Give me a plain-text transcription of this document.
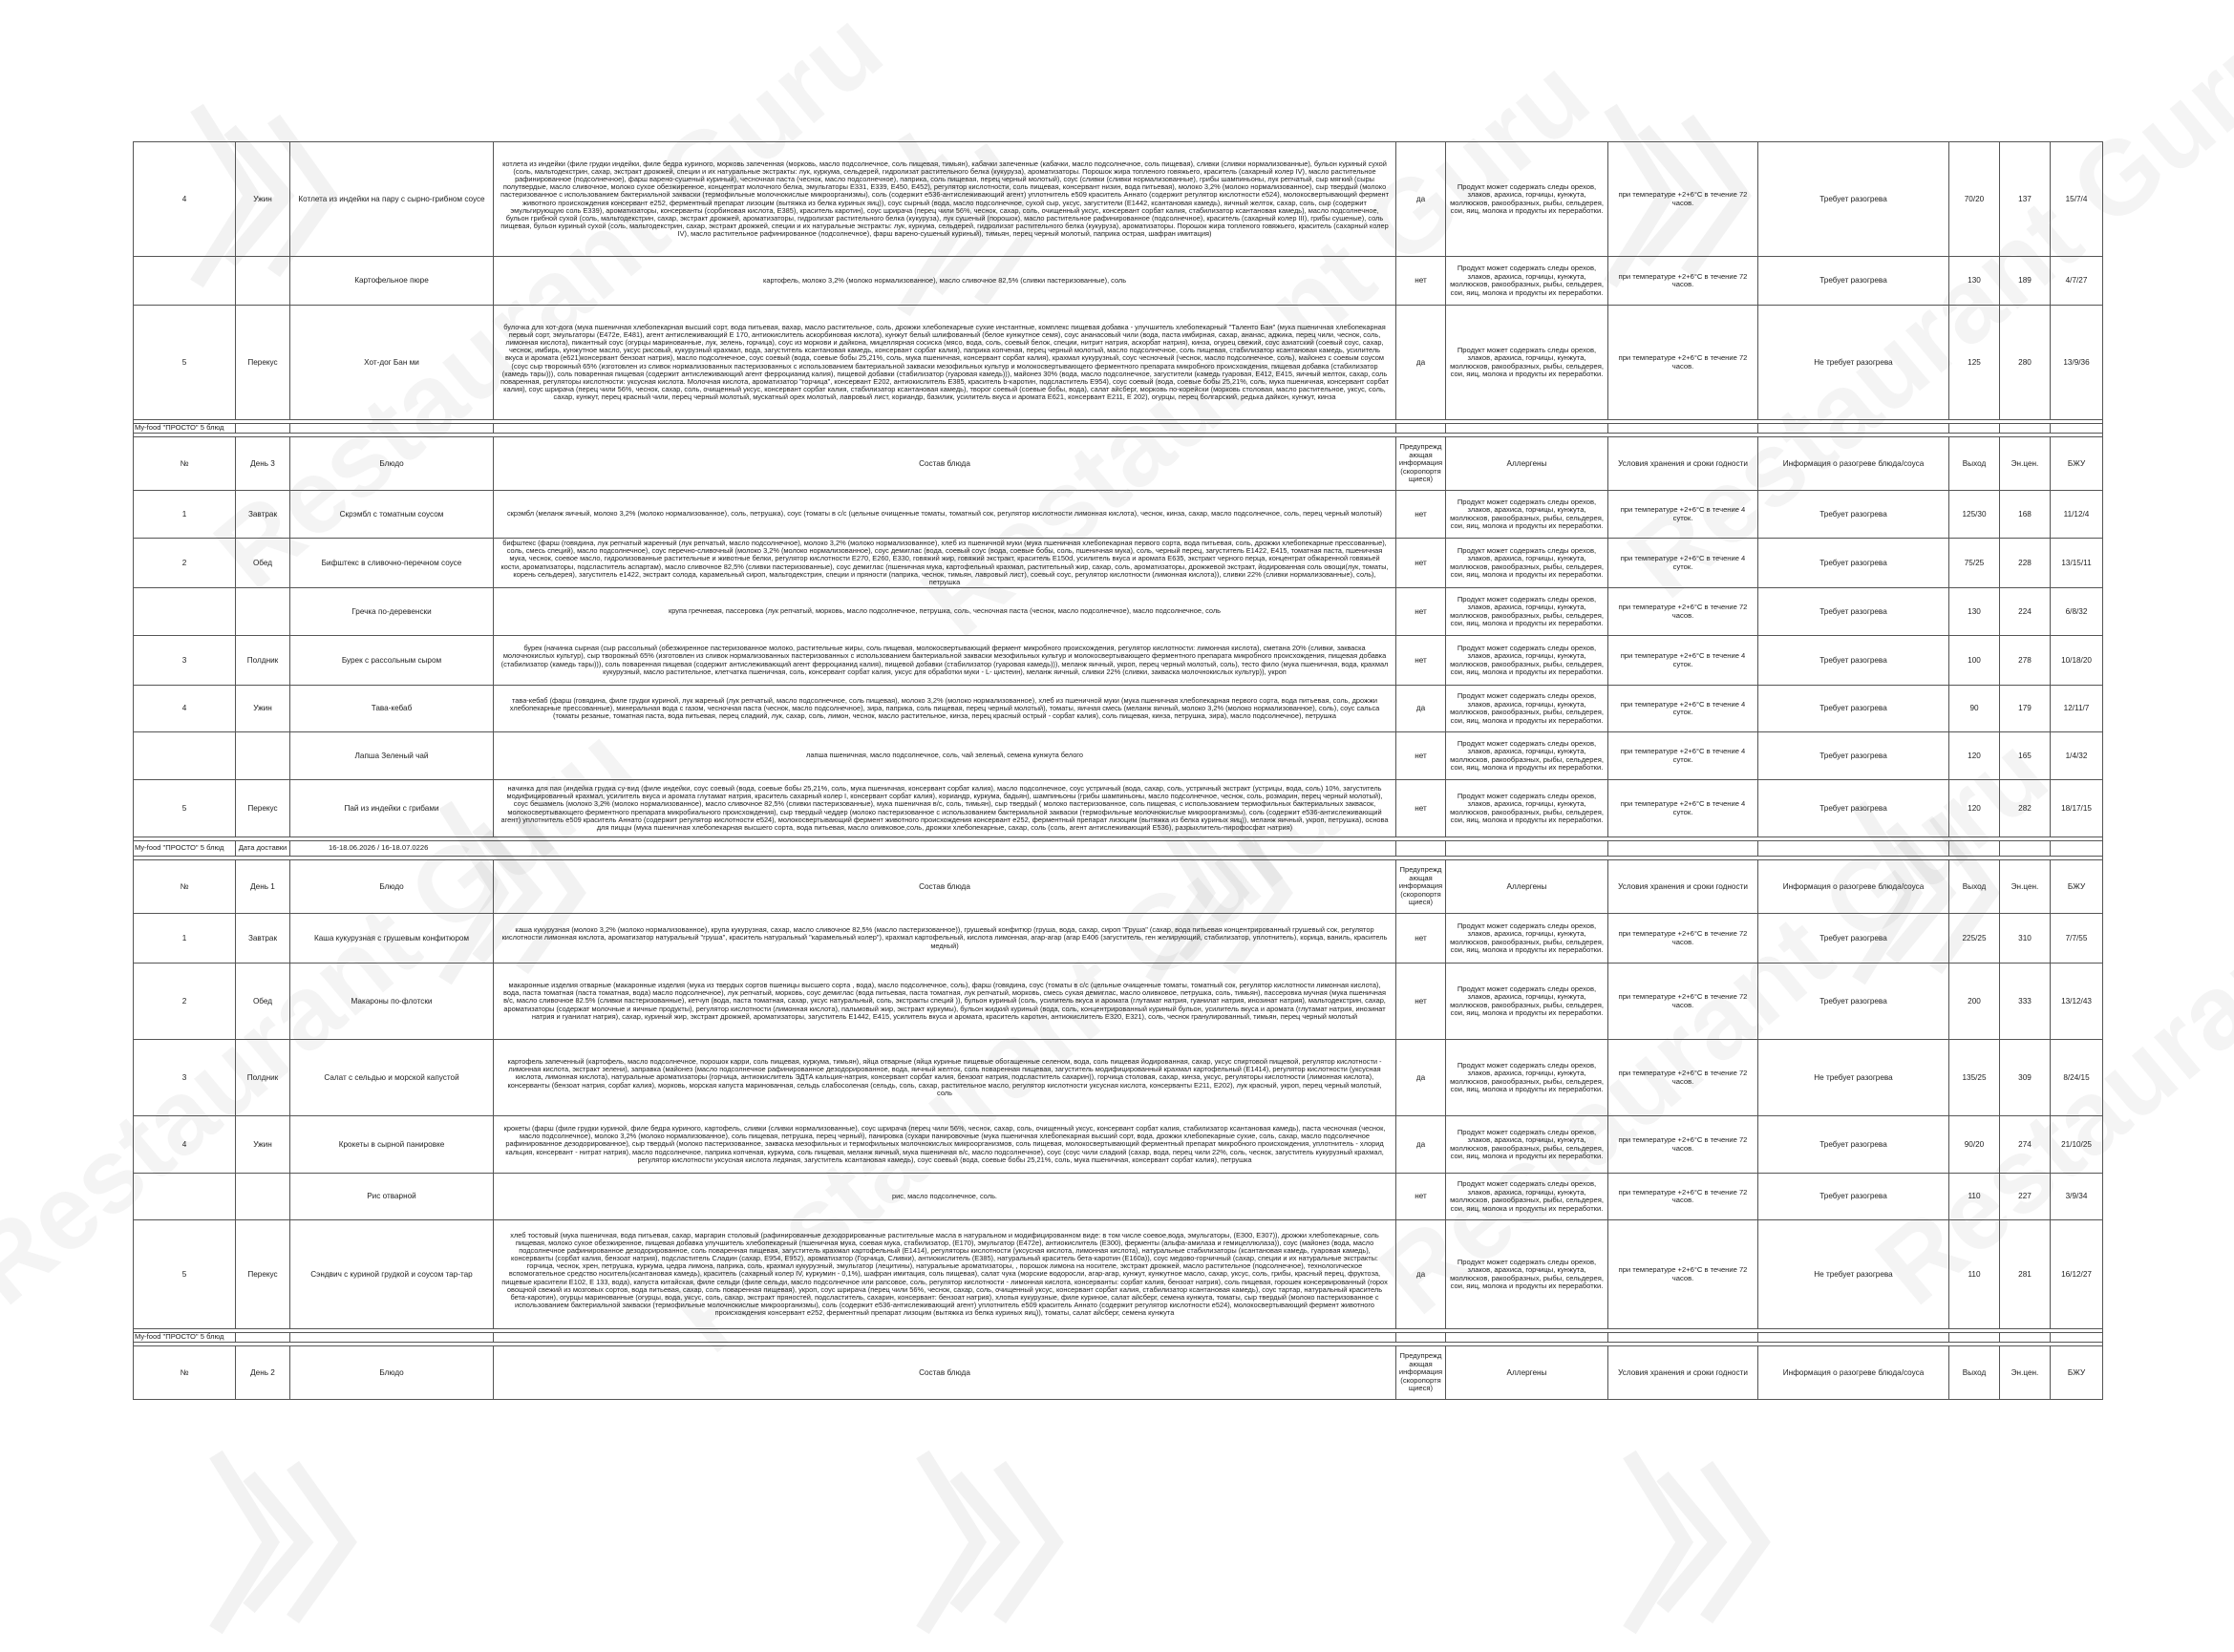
4	Ужин	Котлета из индейки на пару с сырно-грибном соусе	котлета из индейки (филе грудки индейки, филе бедра куриного, морковь запеченная (морковь, масло подсолнечное, соль пищевая, тимьян), кабачки запеченные (кабачки, масло подсолнечное, соль пищевая), сливки (сливки нормализованные), бульон куриный сухой (соль, мальтодекстрин, сахар, экстракт дрожжей, специи и их натуральные экстракты: лук, куркума, сельдерей, гидролизат растительного белка (кукуруза), ароматизаторы. Порошок жира топленого говяжьего, краситель (сахарный колер IV), масло растительное рафинированное (подсолнечное), фарш варено-сушеный куриный), чесночная паста (чеснок, масло подсолнечное), паприка, соль пищевая, перец черный молотый), соус (сливки (сливки нормализованные), грибы шампиньоны, лук репчатый, сыр мягкий (сыры полутвердые, масло сливочное, молоко сухое обезжиренное, концентрат молочного белка, эмульгаторы Е331, Е339, Е450, Е452), регулятор кислотности, соль пищевая, консервант низин, вода питьевая), молоко 3,2% (молоко нормализованное), сыр твердый (молоко пастеризованное с использованием бактериальной закваски (термофильные молочнокислые микроорганизмы), соль (содержит е536-антислеживающий агент) уплотнитель е509 краситель Аннато (содержит регулятор кислотности е524), молокосвертывающий фермент животного происхождения консервант е252, ферментный препарат лизоцим (вытяжка из белка куриных яиц)), соус сырный (вода, масло подсолнечное, сухой сыр, уксус, загустители (Е1442, ксантановая камедь), яичный желток, сахар, соль, сыр (содержит эмульгирующую соль Е339), ароматизаторы, консерванты (сорбиновая кислота, Е385), краситель каротин), соус шрирача (перец чили 56%, чеснок, сахар, соль, очищенный уксус, консервант сорбат калия, стабилизатор ксантановая камедь), масло подсолнечное, бульон грибной сухой (соль, мальтодекстрин, сахар, экстракт дрожжей, ароматизаторы, гидролизат растительного белка (кукуруза), лук сушеный (порошок), масло растительное рафинированное (подсолнечное), краситель (сахарный колер III), грибы сушеные), соль пищевая, бульон куриный сухой (соль, мальтодекстрин, сахар, экстракт дрожжей, специи и их натуральные экстракты: лук, куркума, сельдерей, гидролизат растительного белка (кукуруза), ароматизаторы. Порошок жира топленого говяжьего, краситель (сахарный колер IV), масло растительное рафинированное (подсолнечное), фарш варено-сушеный куриный), тимьян, перец черный молотый, паприка острая, шафран имитация)	да	Продукт может содержать следы орехов, злаков, арахиса, горчицы, кунжута, моллюсков, ракообразных, рыбы, сельдерея, сои, яиц, молока и продукты их переработки.	при температуре +2+6°С в течение 72 часов.	Требует разогрева	70/20	137	15/7/4
		Картофельное пюре	картофель, молоко 3,2% (молоко нормализованное), масло сливочное 82,5% (сливки пастеризованные), соль	нет	Продукт может содержать следы орехов, злаков, арахиса, горчицы, кунжута, моллюсков, ракообразных, рыбы, сельдерея, сои, яиц, молока и продукты их переработки.	при температуре +2+6°С в течение 72 часов.	Требует разогрева	130	189	4/7/27
5	Перекус	Хот-дог Бан ми	булочка для хот-дога (мука пшеничная хлебопекарная высший сорт, вода питьевая, вахар, масло растительное, соль, дрожжи хлебопекарные сухие инстантные, комплекс пищевая добавка - улучшитель хлебопекарный "Таленто Бан" (мука пшеничная хлебопекарная первый сорт, эмульгаторы (Е472е, Е481), агент антислеживающий Е 170, антиокислитель аскорбиновая кислота), кунжут белый шлифованный (белое кунжутное семя), соус ананасовый чили (вода, паста имбирная, сахар, ананас, аджика, перец чили, чеснок, соль, лимонная кислота), пикантный соус (огурцы маринованные, лук, зелень, горчица), соус из моркови и дайкона, мицеллярная сосиска (мясо, вода, соль, соевый белок, специи, нитрит натрия, аскорбат натрия), кинза, огурец свежий, соус азиатский (соевый соус, сахар, чеснок, имбирь, кунжутное масло, уксус рисовый, кукурузный крахмал, вода, загуститель ксантановая камедь, консервант сорбат калия), паприка копченая, перец черный молотый, масло подсолнечное, соль пищевая, стабилизатор ксантановая камедь, усилитель вкуса и аромата (е621)консервант бензоат натрия), масло подсолнечное, соус соевый (вода, соевые бобы 25,21%, соль, мука пшеничная, консервант сорбат калия), крахмал кукурузный, соус чесночный (чеснок, масло подсолнечное, соль), майонез с соевым соусом (соус сыр творожный 65% (изготовлен из сливок нормализованных пастеризованных с использованием бактериальной закваски мезофильных культур и молокосвертывающего ферментного препарата микробного происхождения, пищевая добавка (стабилизатор (камедь тары))), соль поваренная пищевая (содержит антислеживающий агент ферроцианид калия), пищевой добавки (стабилизатор (гуаровая камедь))), майонез 30% (вода, масло подсолнечное, загустители (камедь гуаровая, Е412, Е415, яичный желток, сахар, соль поваренная, регуляторы кислотности: уксусная кислота. Молочная кислота, ароматизатор "горчица", консервант Е202, антиокислитель Е385, краситель b-каротин, подсластитель Е954), соус соевый (вода, соевые бобы 25,21%, соль, мука пшеничная, консервант сорбат калия), соус шрирача (перец чили 56%, чеснок, сахар, соль, очищенный уксус, консервант сорбат калия, стабилизатор ксантановая камедь), творог соевый (соевые бобы, вода), салат айсберг, морковь по-корейски (морковь столовая, масло растительное, уксус, соль, сахар, кунжут, перец красный чили, перец черный молотый, мускатный орех молотый, лавровый лист, кориандр, базилик, усилитель вкуса и аромата Е621, консервант Е211, Е 202), огурцы, перец болгарский, редька дайкон, кунжут, кинза	да	Продукт может содержать следы орехов, злаков, арахиса, горчицы, кунжута, моллюсков, ракообразных, рыбы, сельдерея, сои, яиц, молока и продукты их переработки.	при температуре +2+6°С в течение 72 часов.	Не требует разогрева	125	280	13/9/36

My-food "ПРОСТО" 5 блюд										

№	День 3	Блюдо	Состав блюда	Предупреждающая информация (скоропортящиеся)	Аллергены	Условия хранения и сроки годности	Информация о разогреве блюда/соуса	Выход	Эн.цен.	БЖУ
1	Завтрак	Скрэмбл с томатным соусом	скрэмбл (меланж яичный, молоко 3,2% (молоко нормализованное), соль, петрушка), соус (томаты в с/с (цельные очищенные томаты, томатный сок, регулятор кислотности лимонная кислота), чеснок, кинза, сахар, масло подсолнечное, соль, перец черный молотый)	нет	Продукт может содержать следы орехов, злаков, арахиса, горчицы, кунжута, моллюсков, ракообразных, рыбы, сельдерея, сои, яиц, молока и продукты их переработки.	при температуре +2+6°С в течение 4 суток.	Требует разогрева	125/30	168	11/12/4
2	Обед	Бифштекс в сливочно-перечном соусе	бифштекс (фарш (говядина, лук репчатый жаренный (лук репчатый, масло подсолнечное), молоко 3,2% (молоко нормализованное), хлеб из пшеничной муки (мука пшеничная хлебопекарная первого сорта, вода питьевая, соль, дрожжи хлебопекарные прессованные), соль, смесь специй), масло подсолнечное), соус перечно-сливочный (молоко 3,2% (молоко нормализованное), соус демиглас (вода, соевый соус (вода, соевые бобы, соль, пшеничная мука), соль, черный перец, загуститель Е1422, Е415, томатная паста, пшеничная мука, чеснок, соевое масло, гидролизованные растительные и животные белки, регулятор кислотности Е270, Е260, Е330, говяжий жир, говяжий экстракт, краситель Е150d, усилитель вкуса и аромата Е635, экстракт черного перца, концентрат обжаренной говяжьей кости, ароматизаторы, подсластитель аспартам), масло сливочное 82,5% (сливки пастеризованные), соус демиглас (пшеничная мука, картофельный крахмал, растительный жир, сахар, соль, ароматизаторы, дрожжевой экстракт, йодированная соль овощи(лук, томаты, корень сельдерея), загуститель е1422, экстракт солода, карамельный сироп, мальтодекстрин, специи и пряности (паприка, чеснок, тимьян, лавровый лист), соевый соус, регулятор кислотности (лимонная кислота)), сливки 22% (сливки нормализованные), соль), петрушка	нет	Продукт может содержать следы орехов, злаков, арахиса, горчицы, кунжута, моллюсков, ракообразных, рыбы, сельдерея, сои, яиц, молока и продукты их переработки.	при температуре +2+6°С в течение 4 суток.	Требует разогрева	75/25	228	13/15/11
		Гречка по-деревенски	крупа гречневая, пассеровка (лук репчатый, морковь, масло подсолнечное, петрушка, соль, чесночная паста (чеснок, масло подсолнечное), масло подсолнечное, соль	нет	Продукт может содержать следы орехов, злаков, арахиса, горчицы, кунжута, моллюсков, ракообразных, рыбы, сельдерея, сои, яиц, молока и продукты их переработки.	при температуре +2+6°С в течение 72 часов.	Требует разогрева	130	224	6/8/32
3	Полдник	Бурек с рассольным сыром	бурек (начинка сырная (сыр рассольный (обезжиренное пастеризованное молоко, растительные жиры, соль пищевая, молокосвертывающий фермент микробного происхождения, регулятор кислотности: лимонная кислота), сметана 20% (сливки, закваска молочнокислых культур), сыр творожный 65% (изготовлен из сливок нормализованных пастеризованных с использованием бактериальной закваски мезофильных культур и молокосвертывающего ферментного препарата микробного происхождения, пищевая добавка (стабилизатор (камедь тары))), соль поваренная пищевая (содержит антислеживающий агент ферроцианид калия), пищевой добавки (стабилизатор (гуаровая камедь))), меланж яичный, укроп, перец черный молотый, соль), тесто фило (мука пшеничная, вода, крахмал кукурузный, масло растительное, клетчатка пшеничная, соль, консервант сорбат калия, уксус для обработки муки - L- цистеин), меланж яичный, сливки 22% (сливки, закваска молочнокислых культур)), укроп	нет	Продукт может содержать следы орехов, злаков, арахиса, горчицы, кунжута, моллюсков, ракообразных, рыбы, сельдерея, сои, яиц, молока и продукты их переработки.	при температуре +2+6°С в течение 4 суток.	Требует разогрева	100	278	10/18/20
4	Ужин	Тава-кебаб	тава-кебаб (фарш (говядина, филе грудки куриной, лук жареный (лук репчатый, масло подсолнечное, соль пищевая), молоко 3,2% (молоко нормализованное), хлеб из пшеничной муки (мука пшеничная хлебопекарная первого сорта, вода питьевая, соль, дрожжи хлебопекарные прессованные), минеральная вода с газом, чесночная паста (чеснок, масло подсолнечное), зира, паприка, соль пищевая, перец черный молотый), томаты, яичная смесь (меланж яичный, молоко 3,2% (молоко нормализованное), соль), соус сальса (томаты резаные, томатная паста, вода питьевая, перец сладкий, лук, сахар, соль, лимон, чеснок, масло растительное, кинза, перец красный острый - сорбат калия), соль пищевая, кинза, петрушка, зира), масло подсолнечное), петрушка	да	Продукт может содержать следы орехов, злаков, арахиса, горчицы, кунжута, моллюсков, ракообразных, рыбы, сельдерея, сои, яиц, молока и продукты их переработки.	при температуре +2+6°С в течение 4 суток.	Требует разогрева	90	179	12/11/7
		Лапша Зеленый чай	лапша пшеничная, масло подсолнечное, соль, чай зеленый, семена кунжута белого	нет	Продукт может содержать следы орехов, злаков, арахиса, горчицы, кунжута, моллюсков, ракообразных, рыбы, сельдерея, сои, яиц, молока и продукты их переработки.	при температуре +2+6°С в течение 4 суток.	Требует разогрева	120	165	1/4/32
5	Перекус	Пай из индейки с грибами	начинка для пая (индейка грудка су-вид (филе индейки, соус соевый (вода, соевые бобы 25,21%, соль, мука пшеничная, консервант сорбат калия), масло подсолнечное, соус устричный (вода, сахар, соль, устричный экстракт (устрицы, вода, соль) 10%, загуститель модифицированный крахмал, усилитель вкуса и аромата глутамат натрия, краситель сахарный колер I, консервант сорбат калия), кориандр, куркума, бадьян), шампиньоны (грибы шампиньоны, масло подсолнечное, чеснок, соль, розмарин, перец черный молотый), соус бешамель (молоко 3,2% (молоко нормализованное), масло сливочное 82,5% (сливки пастеризованные), мука пшеничная в/с, соль, тимьян), сыр твердый ( молоко пастеризованное, соль пищевая, с использованием термофильных бактериальных заквасок, молокосвертывающего ферментного препарата микробиального происхождения), сыр твердый чеддер (молоко пастеризованное с использованием бактериальной закваски (термофильные молочнокислые микроорганизмы), соль (содержит е536-антислеживающий агент) уплотнитель е509 краситель Аннато (содержит регулятор кислотности е524), молокосвертывающий фермент животного происхождения консервант е252, ферментный препарат лизоцим (вытяжка из белка куриных яиц)), меланж яичный, укроп, петрушка), основа для пиццы (мука пшеничная хлебопекарная высшего сорта, вода питьевая, масло оливковое,соль, дрожжи хлебопекарные, сахар, соль (соль, агент антислеживающий Е536), разрыхлитель-пирофосфат натрия)	нет	Продукт может содержать следы орехов, злаков, арахиса, горчицы, кунжута, моллюсков, ракообразных, рыбы, сельдерея, сои, яиц, молока и продукты их переработки.	при температуре +2+6°С в течение 4 суток.	Требует разогрева	120	282	18/17/15

My-food "ПРОСТО" 5 блюд	Дата доставки	16-18.06.2026 / 16-18.07.0226								

№	День 1	Блюдо	Состав блюда	Предупреждающая информация (скоропортящиеся)	Аллергены	Условия хранения и сроки годности	Информация о разогреве блюда/соуса	Выход	Эн.цен.	БЖУ
1	Завтрак	Каша кукурузная с грушевым конфитюром	каша кукурузная (молоко 3,2% (молоко нормализованное), крупа кукурузная, сахар, масло сливочное 82,5% (масло пастеризованное)), грушевый конфитюр (груша, вода, сахар, сироп "Груша" (сахар, вода питьевая концентрированный грушевый сок, регулятор кислотности лимонная кислота, ароматизатор натуральный "груша", краситель натуральный "карамельный колер"), крахмал картофельный, кислота лимонная, агар-агар (агар Е406 (загуститель, ген желирующий, стабилизатор, уплотнитель), корица, ваниль, краситель медный)	нет	Продукт может содержать следы орехов, злаков, арахиса, горчицы, кунжута, моллюсков, ракообразных, рыбы, сельдерея, сои, яиц, молока и продукты их переработки.	при температуре +2+6°С в течение 72 часов.	Требует разогрева	225/25	310	7/7/55
2	Обед	Макароны по-флотски	макаронные изделия отварные (макаронные изделия (мука из твердых сортов пшеницы высшего сорта , вода), масло подсолнечное, соль), фарш (говядина, соус (томаты в с/с (цельные очищенные томаты, томатный сок, регулятор кислотности лимонная кислота), вода, паста томатная (паста томатная, вода) масло подсолнечное), лук репчатый, морковь, соус демиглас (вода питьевая, паста томатная, лук репчатый, морковь, смесь сухая демиглас, масло оливковое, петрушка, соль, тимьян), пассеровка мучная (мука пшеничная в/с, масло сливочное 82.5% (сливки пастеризованные), кетчуп (вода, паста томатная, сахар, уксус натуральный, соль, экстракты специй )), бульон куриный (соль, усилитель вкуса и аромата (глутамат натрия, гуанилат натрия, инозинат натрия), мальтодекстрин, сахар, ароматизаторы (содержат молочные и яичные продукты), регулятор кислотности (лимонная кислота), пальмовый жир, экстракт куркумы), бульон жидкий куриный (вода, соль, концентрированный куриный бульон, усилитель вкуса и аромата (глутамат натрия, инозинат натрия и гуанилат натрия), сахар, куриный жир, экстракт дрожжей, ароматизаторы, загуститель Е1442, Е415, усилитель вкуса и аромата, краситель каротин, антиокислитель Е320, Е321), соль, чеснок гранулированный, тимьян, перец черный молотый	нет	Продукт может содержать следы орехов, злаков, арахиса, горчицы, кунжута, моллюсков, ракообразных, рыбы, сельдерея, сои, яиц, молока и продукты их переработки.	при температуре +2+6°С в течение 72 часов.	Требует разогрева	200	333	13/12/43
3	Полдник	Салат с сельдью и морской капустой	картофель запеченный (картофель, масло подсолнечное, порошок карри, соль пищевая, куркума, тимьян), яйца отварные (яйца куриные пищевые обогащенные селеном, вода, соль пищевая йодированная, сахар, уксус спиртовой пищевой, регулятор кислотности - лимонная кислота, экстракт зелени), заправка (майонез (масло подсолнечное рафинированное дезодорированное, вода, яичный желток, соль поваренная пищевая, загуститель модифицированный крахмал картофельный (Е1414), регулятор кислотности (уксусная кислота, лимонная кислота), натуральные ароматизаторы (горчица, антиокислитель ЭДТА кальция-натрия, консервант сорбат калия, бензоат натрия, подсластитель сахарин)), горчица столовая, сахар, кинза, уксус, регуляторы кислотности (лимонная кислота), консерванты (бензоат натрия, сорбат калия), морковь, морская капуста маринованная, сельдь слабосоленая (сельдь, соль, сахар, растительное масло, регулятор кислотности уксусная кислота, консерванты Е211, Е202), лук красный, укроп, перец черный молотый, соль	да	Продукт может содержать следы орехов, злаков, арахиса, горчицы, кунжута, моллюсков, ракообразных, рыбы, сельдерея, сои, яиц, молока и продукты их переработки.	при температуре +2+6°С в течение 72 часов.	Не требует разогрева	135/25	309	8/24/15
4	Ужин	Крокеты в сырной панировке	крокеты (фарш (филе грудки куриной, филе бедра куриного, картофель, сливки (сливки нормализованные), соус шрирача (перец чили 56%, чеснок, сахар, соль, очищенный уксус, консервант сорбат калия, стабилизатор ксантановая камедь), паста чесночная (чеснок, масло подсолнечное), молоко 3,2% (молоко нормализованное), соль пищевая, петрушка, перец черный), панировка (сухари панировочные (мука пшеничная хлебопекарная высший сорт, вода, дрожжи хлебопекарные сухие, соль, сахар, масло подсолнечное рафинированное дезодорированное), сыр твердый (молоко пастеризованное, закваска мезофильных и термофильных молочнокислых микроорганизмов, соль пищевая, молокосвертывающий ферментный препарат микробного происхождения, уплотнитель - хлорид кальция, консервант - нитрат натрия), масло подсолнечное, паприка копченая, куркума, соль пищевая, меланж яичный, мука пшеничная в/с, масло подсолнечное), соус (соус чили сладкий (сахар, вода, перец чили 22%, соль, чеснок, загуститель кукурузный крахмал, регулятор кислотности уксусная кислота ледяная, загуститель ксантановая камедь), соус соевый (вода, соевые бобы 25,21%, соль, мука пшеничная, консервант сорбат калия), петрушка	да	Продукт может содержать следы орехов, злаков, арахиса, горчицы, кунжута, моллюсков, ракообразных, рыбы, сельдерея, сои, яиц, молока и продукты их переработки.	при температуре +2+6°С в течение 72 часов.	Требует разогрева	90/20	274	21/10/25
		Рис отварной	рис, масло подсолнечное, соль.	нет	Продукт может содержать следы орехов, злаков, арахиса, горчицы, кунжута, моллюсков, ракообразных, рыбы, сельдерея, сои, яиц, молока и продукты их переработки.	при температуре +2+6°С в течение 72 часов.	Требует разогрева	110	227	3/9/34
5	Перекус	Сэндвич с куриной грудкой и соусом тар-тар	хлеб тостовый (мука пшеничная, вода питьевая, сахар, маргарин столовый (рафинированные дезодорированные растительные масла в натуральном и модифицированном виде: в том числе соевое,вода, эмульгаторы, (Е300, Е307)), дрожжи хлебопекарные, соль пищевая, молоко сухое обезжиренное, пищевая добавка улучшитель хлебопекарный (пшеничная мука, соевая мука, стабилизатор, (Е170), эмульгатор (Е472е), антиокислитель (Е300), ферменты (альфа-амилаза и гемицеллюлаза)), соус (майонез (вода, масло подсолнечное рафинированное дезодорированное, соль поваренная пищевая, загуститель крахмал картофельный (Е1414), регуляторы кислотности (уксусная кислота, лимонная кислота), натуральные стабилизаторы (ксантановая камедь, гуаровая камедь), консерванты (сорбат калия, бензоат натрия), подсластитель Сладин (сахар, Е954, Е952), ароматизатор (Горчица, Сливки), антиокислитель (Е385), натуральный краситель бета-каротин (Е160а)), соус медово-горчичный (сахар, специи и их натуральные экстракты: горчица, чеснок, хрен, петрушка, куркума, цедра лимона, паприка, соль, крахмал кукурузный, эмульгатор (лецитины), натуральные ароматизаторы, , порошок лимона на носителе, экстракт дрожжей, масло растительное (подсолнечное), технологическое вспомогательное средство носитель(ксантановая камедь), краситель (сахарный колер IV, куркумин - 0,1%), шафран имитация, соль пищевая), салат чука (морские водоросли, агар-агар, кунжут, кунжутное масло, сахар, уксус, соль, грибы, красный перец, фруктоза, пищевые красители Е102, Е 133, вода), капуста китайская, филе сельди (филе сельди, масло подсолнечное или рапсовое, соль, регулятор кислотности - лимонная кислота, консерванты: сорбат калия, бензоат натрия), соль пищевая, горошек консервированный (горох овощной свежий из мозговых сортов, вода питьевая, сахар, соль поваренная пищевая), укроп, соус шрирача (перец чили 56%, чеснок, сахар, соль, очищенный уксус, консервант сорбат калия, стабилизатор ксантановая камедь), соус тартар, натуральный краситель бета-каротин), огурцы маринованные (огурцы, вода, уксус, соль, сахар, экстракт пряностей, подсластитель, сахарин, консервант: бензоат натрия), хлопья кукурузные, филе куриное, салат айсберг, семена кунжута, томаты, сыр твердый (молоко пастеризованное с использованием бактериальной закваски (термофильные молочнокислые микроорганизмы), соль (содержит е536-антислеживающий агент) уплотнитель е509 краситель Аннато (содержит регулятор кислотности е524), молокосвертывающий фермент животного происхождения консервант е252, ферментный препарат лизоцим (вытяжка из белка куриных яиц)), томаты, салат айсберг, семена кунжута	да	Продукт может содержать следы орехов, злаков, арахиса, горчицы, кунжута, моллюсков, ракообразных, рыбы, сельдерея, сои, яиц, молока и продукты их переработки.	при температуре +2+6°С в течение 72 часов.	Не требует разогрева	110	281	16/12/27

My-food "ПРОСТО" 5 блюд										

№	День 2	Блюдо	Состав блюда	Предупреждающая информация (скоропортящиеся)	Аллергены	Условия хранения и сроки годности	Информация о разогреве блюда/соуса	Выход	Эн.цен.	БЖУ
